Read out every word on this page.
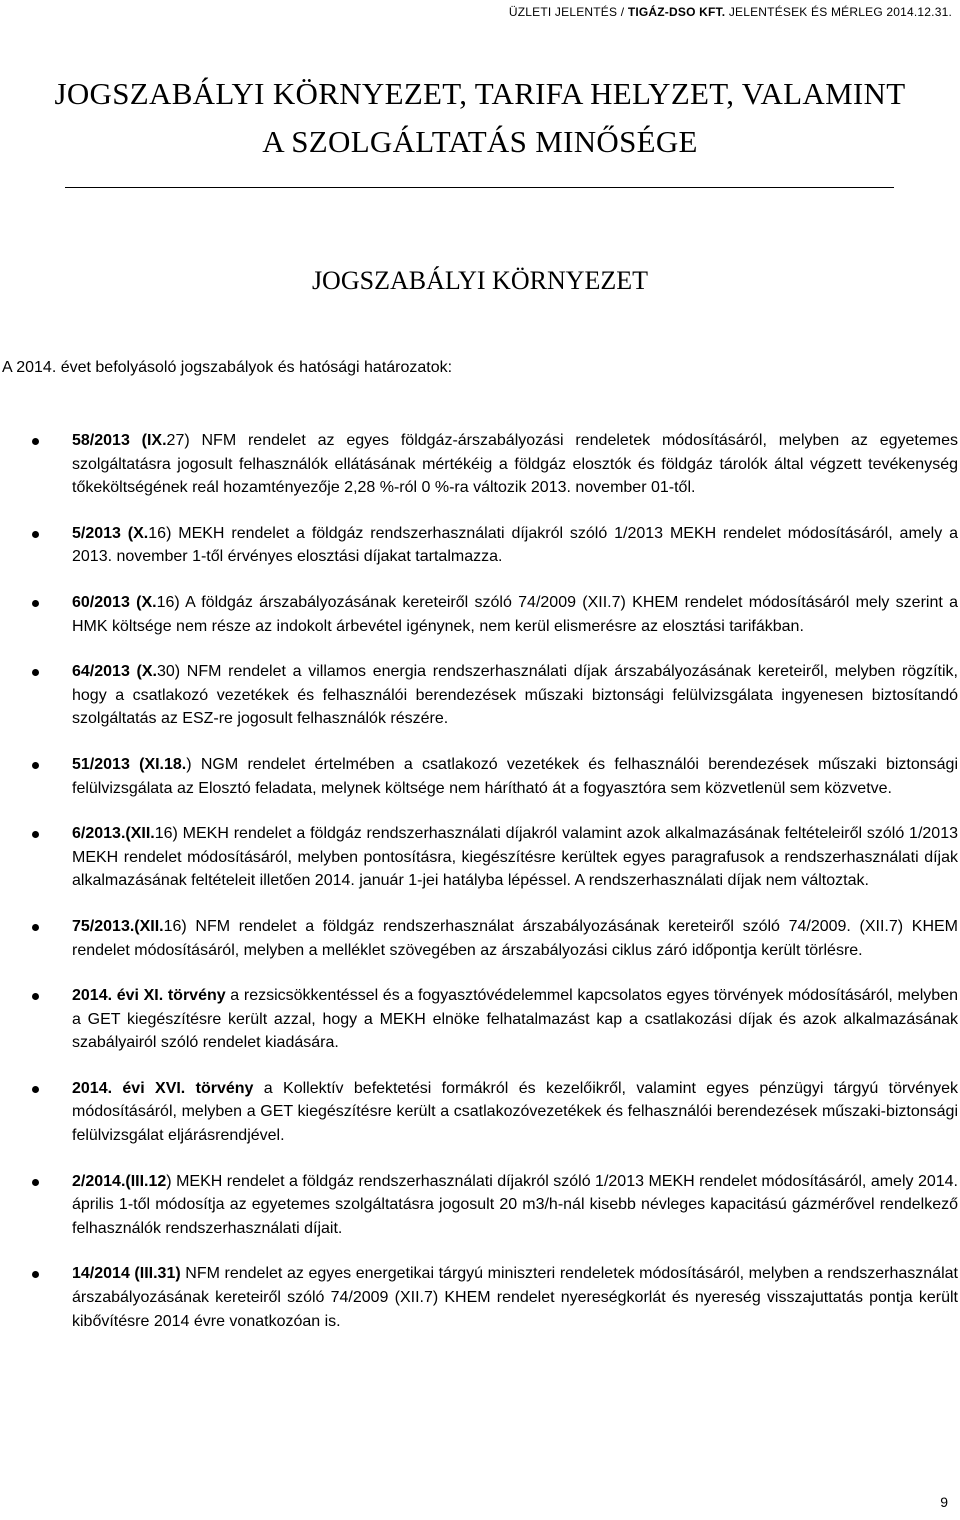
ÜZLETI JELENTÉS / TIGÁZ-DSO KFT. JELENTÉSEK ÉS MÉRLEG 2014.12.31.
JOGSZABÁLYI KÖRNYEZET, TARIFA HELYZET, VALAMINT
A SZOLGÁLTATÁS MINŐSÉGE
JOGSZABÁLYI KÖRNYEZET
A 2014. évet befolyásoló jogszabályok és hatósági határozatok:
58/2013 (IX.27) NFM rendelet az egyes földgáz-árszabályozási rendeletek módosításáról, melyben az egyetemes szolgáltatásra jogosult felhasználók ellátásának mértékéig a földgáz elosztók és földgáz tárolók által végzett tevékenység tőkeköltségének reál hozamtényezője 2,28 %-ról 0 %-ra változik 2013. november 01-től.
5/2013 (X.16) MEKH rendelet a földgáz rendszerhasználati díjakról szóló 1/2013 MEKH rendelet módosításáról, amely a 2013. november 1-től érvényes elosztási díjakat tartalmazza.
60/2013 (X.16) A földgáz árszabályozásának kereteiről szóló 74/2009 (XII.7) KHEM rendelet módosításáról mely szerint a HMK költsége nem része az indokolt árbevétel igénynek, nem kerül elismerésre az elosztási tarifákban.
64/2013 (X.30) NFM rendelet a villamos energia rendszerhasználati díjak árszabályozásának kereteiről, melyben rögzítik, hogy a csatlakozó vezetékek és felhasználói berendezések műszaki biztonsági felülvizsgálata ingyenesen biztosítandó szolgáltatás az ESZ-re jogosult felhasználók részére.
51/2013 (XI.18.) NGM rendelet értelmében a csatlakozó vezetékek és felhasználói berendezések műszaki biztonsági felülvizsgálata az Elosztó feladata, melynek költsége nem hárítható át a fogyasztóra sem közvetlenül sem közvetve.
6/2013.(XII.16) MEKH rendelet a földgáz rendszerhasználati díjakról valamint azok alkalmazásának feltételeiről szóló 1/2013 MEKH rendelet módosításáról, melyben pontosításra, kiegészítésre kerültek egyes paragrafusok a rendszerhasználati díjak alkalmazásának feltételeit illetően 2014. január 1-jei hatályba lépéssel. A rendszerhasználati díjak nem változtak.
75/2013.(XII.16) NFM rendelet a földgáz rendszerhasználat árszabályozásának kereteiről szóló 74/2009. (XII.7) KHEM rendelet módosításáról, melyben a melléklet szövegében az árszabályozási ciklus záró időpontja került törlésre.
2014. évi XI. törvény a rezsicsökkentéssel és a fogyasztóvédelemmel kapcsolatos egyes törvények módosításáról, melyben a GET kiegészítésre került azzal, hogy a MEKH elnöke felhatalmazást kap a csatlakozási díjak és azok alkalmazásának szabályairól szóló rendelet kiadására.
2014. évi XVI. törvény a Kollektív befektetési formákról és kezelőikről, valamint egyes pénzügyi tárgyú törvények módosításáról, melyben a GET kiegészítésre került a csatlakozóvezetékek és felhasználói berendezések műszaki-biztonsági felülvizsgálat eljárásrendjével.
2/2014.(III.12) MEKH rendelet a földgáz rendszerhasználati díjakról szóló 1/2013 MEKH rendelet módosításáról, amely 2014. április 1-től módosítja az egyetemes szolgáltatásra jogosult 20 m3/h-nál kisebb névleges kapacitású gázmérővel rendelkező felhasználók rendszerhasználati díjait.
14/2014 (III.31) NFM rendelet az egyes energetikai tárgyú miniszteri rendeletek módosításáról, melyben a rendszerhasználat árszabályozásának kereteiről szóló 74/2009 (XII.7) KHEM rendelet nyereségkorlát és nyereség visszajuttatás pontja került kibővítésre 2014 évre vonatkozóan is.
9
